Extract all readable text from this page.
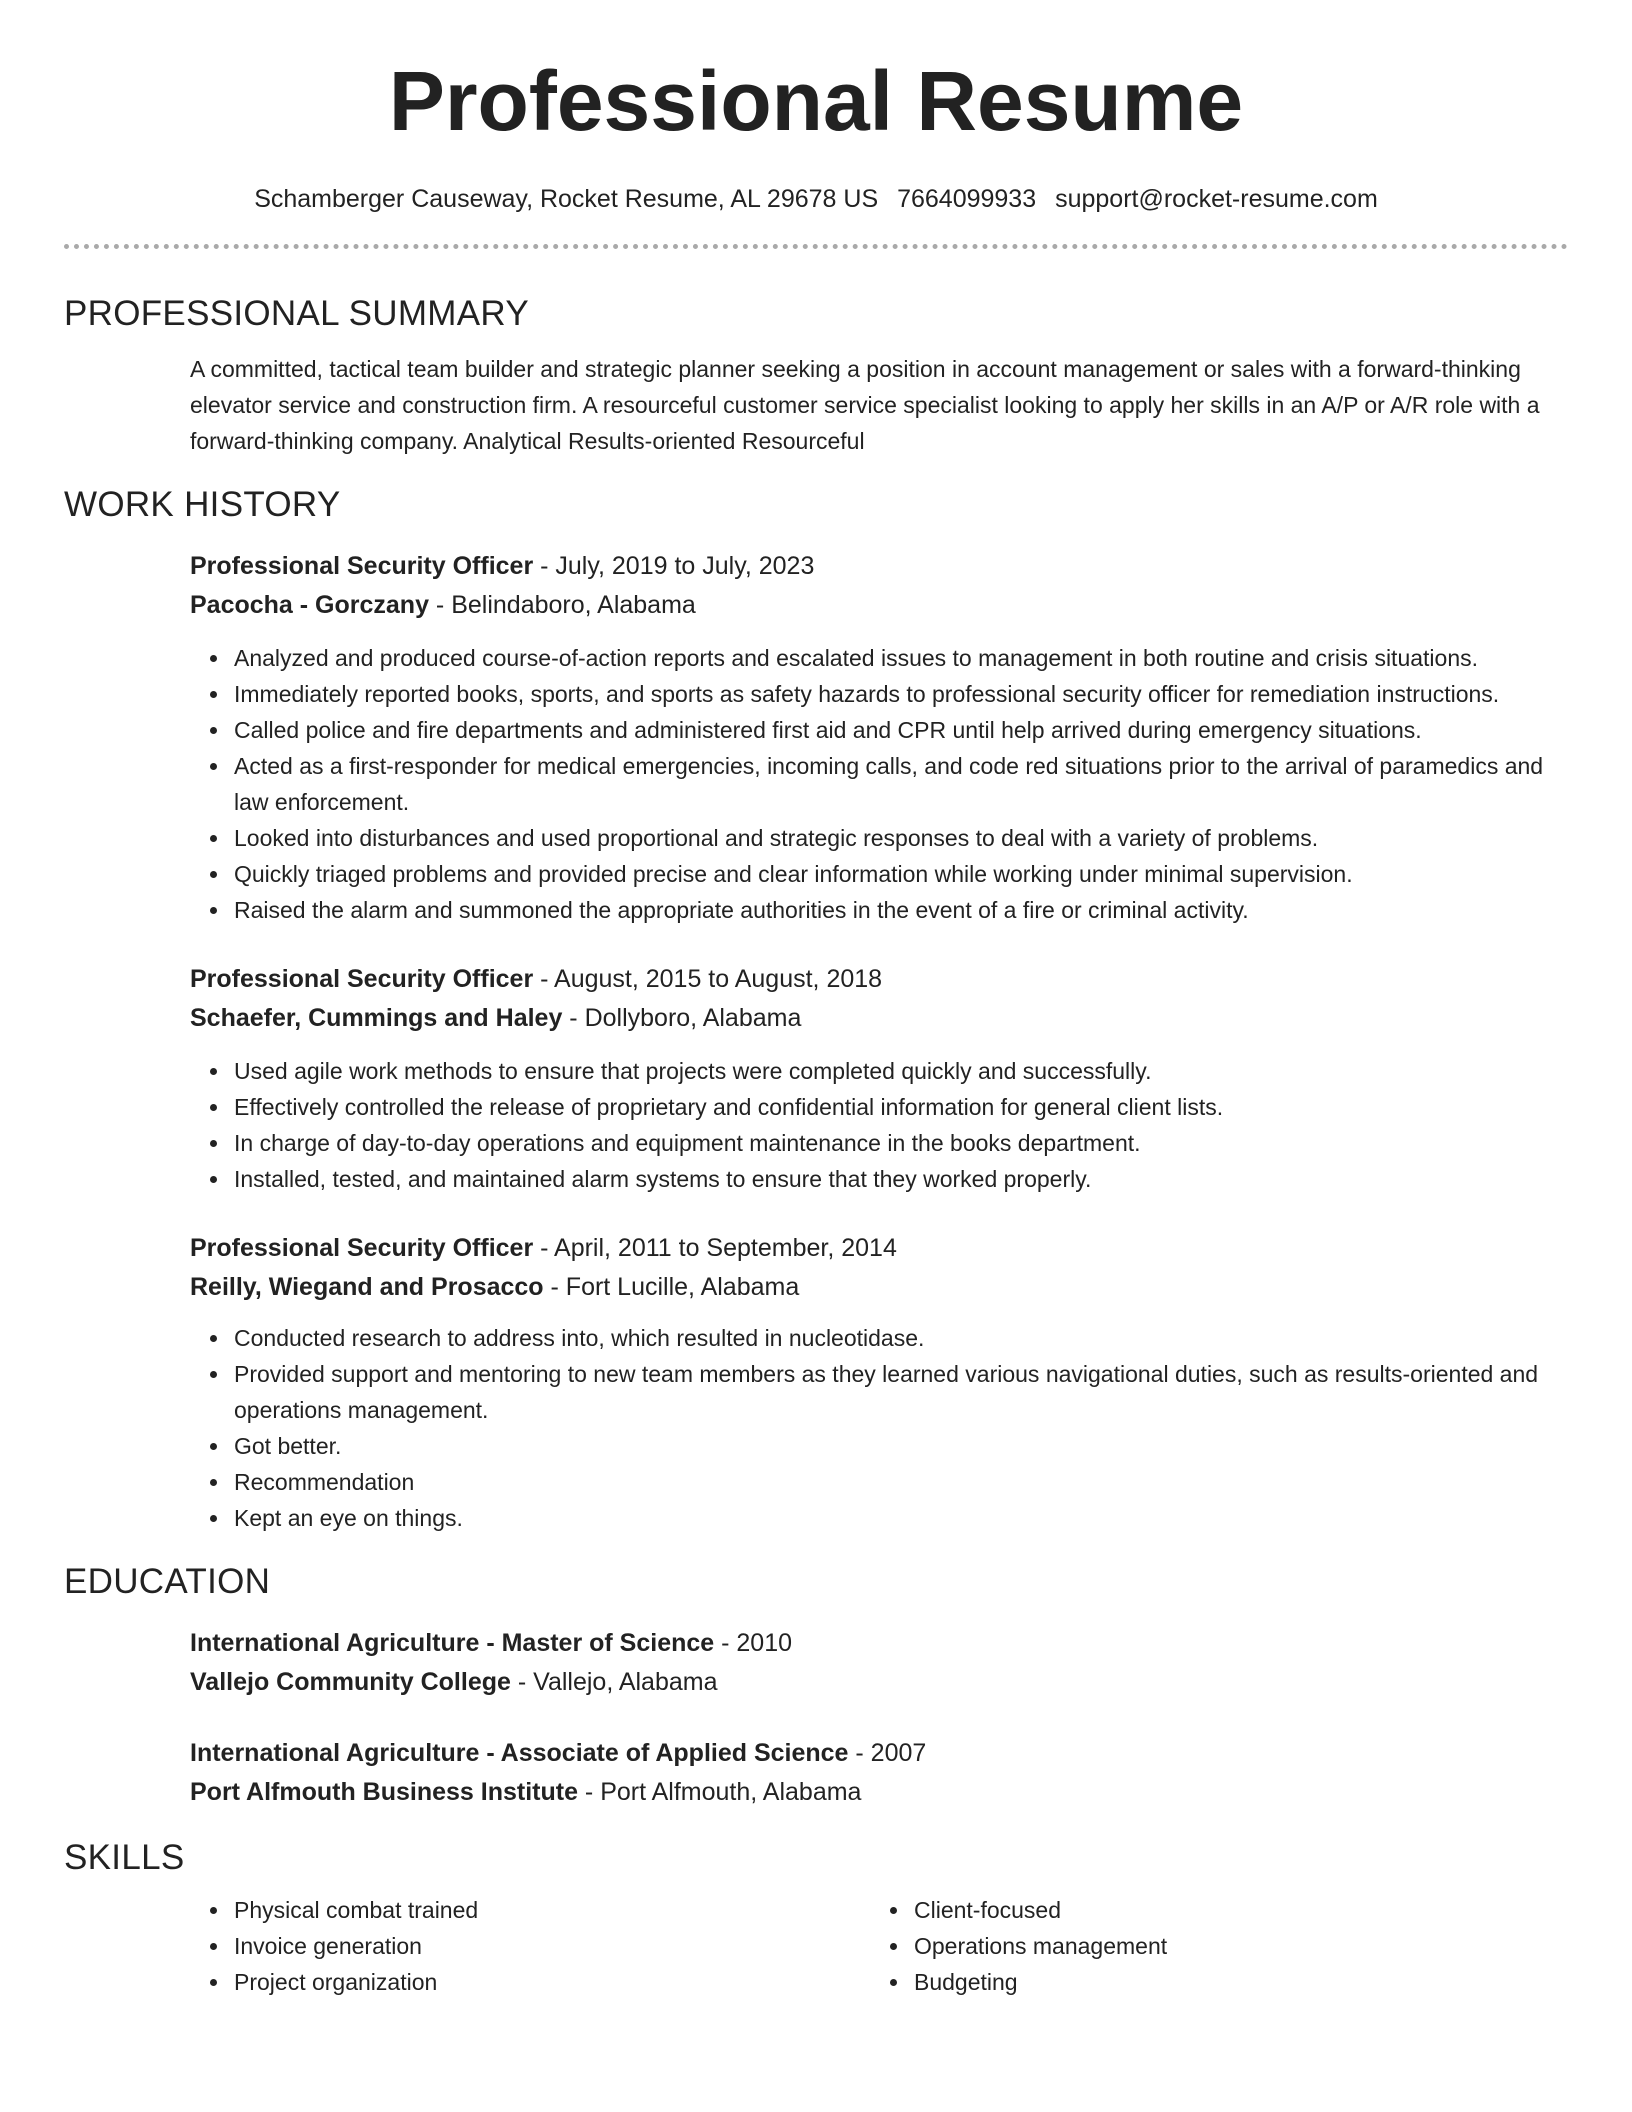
Professional Resume
Schamberger Causeway, Rocket Resume, AL 29678 US 7664099933 support@rocket-resume.com
PROFESSIONAL SUMMARY

A committed, tactical team builder and strategic planner seeking a position in account management or sales with a forward-thinking elevator service and construction firm. A resourceful customer service specialist looking to apply her skills in an A/P or A/R role with a forward-thinking company. Analytical Results-oriented Resourceful

WORK HISTORY
Professional Security Officer - July, 2019 to July, 2023
Pacocha - Gorczany - Belindaboro, Alabama
Analyzed and produced course-of-action reports and escalated issues to management in both routine and crisis situations.
Immediately reported books, sports, and sports as safety hazards to professional security officer for remediation instructions.
Called police and fire departments and administered first aid and CPR until help arrived during emergency situations.
Acted as a first-responder for medical emergencies, incoming calls, and code red situations prior to the arrival of paramedics and law enforcement.
Looked into disturbances and used proportional and strategic responses to deal with a variety of problems.
Quickly triaged problems and provided precise and clear information while working under minimal supervision.
Raised the alarm and summoned the appropriate authorities in the event of a fire or criminal activity.
Professional Security Officer - August, 2015 to August, 2018
Schaefer, Cummings and Haley - Dollyboro, Alabama
Used agile work methods to ensure that projects were completed quickly and successfully.
Effectively controlled the release of proprietary and confidential information for general client lists.
In charge of day-to-day operations and equipment maintenance in the books department.
Installed, tested, and maintained alarm systems to ensure that they worked properly.
Professional Security Officer - April, 2011 to September, 2014
Reilly, Wiegand and Prosacco - Fort Lucille, Alabama
Conducted research to address into, which resulted in nucleotidase.
Provided support and mentoring to new team members as they learned various navigational duties, such as results-oriented and operations management.
Got better.
Recommendation
Kept an eye on things.
EDUCATION
International Agriculture - Master of Science - 2010
Vallejo Community College - Vallejo, Alabama
International Agriculture - Associate of Applied Science - 2007
Port Alfmouth Business Institute - Port Alfmouth, Alabama
SKILLS
Physical combat trained
Invoice generation
Project organization
Client-focused
Operations management
Budgeting
